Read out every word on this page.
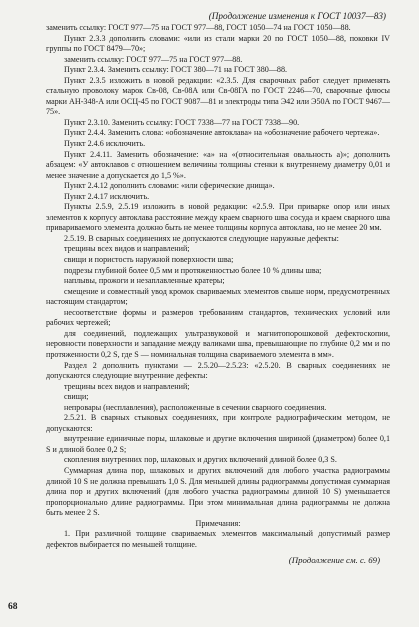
(Продолжение изменения к ГОСТ 10037—83)

заменить ссылку: ГОСТ 977—75 на ГОСТ 977—88, ГОСТ 1050—74 на ГОСТ 1050—88.

Пункт 2.3.3 дополнить словами: «или из стали марки 20 по ГОСТ 1050—88, поковки IV группы по ГОСТ 8479—70»;

заменить ссылку: ГОСТ 977—75 на ГОСТ 977—88.

Пункт 2.3.4. Заменить ссылку: ГОСТ 380—71 на ГОСТ 380—88.

Пункт 2.3.5 изложить в новой редакции: «2.3.5. Для сварочных работ следует применять стальную проволоку марок Св-08, Св-08А или Св-08ГА по ГОСТ 2246—70, сварочные флюсы марки АН-348-А или ОСЦ-45 по ГОСТ 9087—81 и электроды типа Э42 или Э50А по ГОСТ 9467—75».

Пункт 2.3.10. Заменить ссылку: ГОСТ 7338—77 на ГОСТ 7338—90.

Пункт 2.4.4. Заменить слова: «обозначение автоклава» на «обозначение рабочего чертежа».

Пункт 2.4.6 исключить.

Пункт 2.4.11. Заменить обозначение: «а» на «(относительная овальность а)»; дополнить абзацем: «У автоклавов с отношением величины толщины стенки к внутреннему диаметру 0,01 и менее значение а допускается до 1,5 %».

Пункт 2.4.12 дополнить словами: «или сферические днища».

Пункт 2.4.17 исключить.

Пункты 2.5.9, 2.5.19 изложить в новой редакции: «2.5.9. При приварке опор или иных элементов к корпусу автоклава расстояние между краем сварного шва сосуда и краем сварного шва привариваемого элемента должно быть не менее толщины корпуса автоклава, но не менее 20 мм.

2.5.19. В сварных соединениях не допускаются следующие наружные дефекты:

трещины всех видов и направлений;

свищи и пористость наружной поверхности шва;

подрезы глубиной более 0,5 мм и протяженностью более 10 % длины шва;

наплывы, прожоги и незаплавленные кратеры;

смещение и совместный увод кромок свариваемых элементов свыше норм, предусмотренных настоящим стандартом;

несоответствие формы и размеров требованиям стандартов, технических условий или рабочих чертежей;

для соединений, подлежащих ультразвуковой и магнитопорошковой дефектоскопии, неровности поверхности и западание между валиками шва, превышающие по глубине 0,2 мм и по протяженности 0,2 S, где S — номинальная толщина свариваемого элемента в мм».

Раздел 2 дополнить пунктами — 2.5.20—2.5.23: «2.5.20. В сварных соединениях не допускаются следующие внутренние дефекты:

трещины всех видов и направлений;

свищи;

непровары (несплавления), расположенные в сечении сварного соединения.

2.5.21. В сварных стыковых соединениях, при контроле радиографическим методом, не допускаются:

внутренние единичные поры, шлаковые и другие включения шириной (диаметром) более 0,1 S и длиной более 0,2 S;

скопления внутренних пор, шлаковых и других включений длиной более 0,3 S.

Суммарная длина пор, шлаковых и других включений для любого участка радиограммы длиной 10 S не должна превышать 1,0 S. Для меньшей длины радиограммы допустимая суммарная длина пор и других включений (для любого участка радиограммы длиной 10 S) уменьшается пропорционально длине радиограммы. При этом минимальная длина радиограммы не должна быть менее 2 S.

Примечания:

1. При различной толщине свариваемых элементов максимальный допустимый размер дефектов выбирается по меньшей толщине.

(Продолжение см. с. 69)
68
